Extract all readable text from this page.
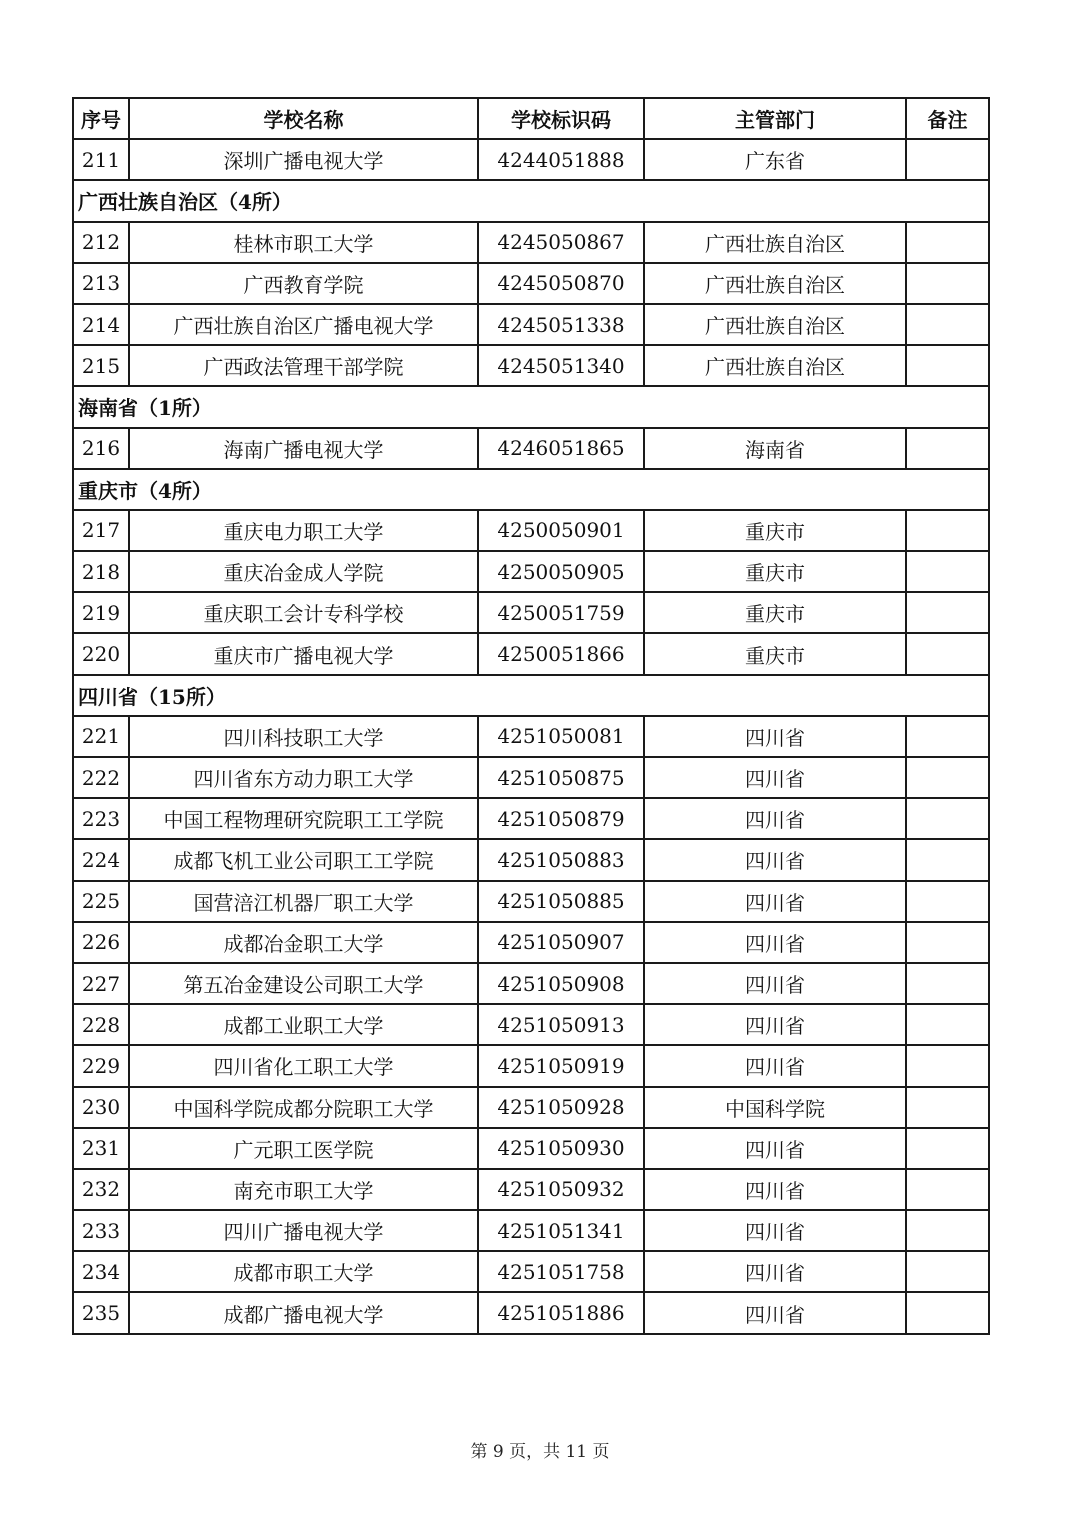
序号	学校名称	学校标识码	主管部门	备注
211	深圳广播电视大学	4244051888	广东省	
广西壮族自治区（4所）				
212	桂林市职工大学	4245050867	广西壮族自治区	
213	广西教育学院	4245050870	广西壮族自治区	
214	广西壮族自治区广播电视大学	4245051338	广西壮族自治区	
215	广西政法管理干部学院	4245051340	广西壮族自治区	
海南省（1所）				
216	海南广播电视大学	4246051865	海南省	
重庆市（4所）				
217	重庆电力职工大学	4250050901	重庆市	
218	重庆冶金成人学院	4250050905	重庆市	
219	重庆职工会计专科学校	4250051759	重庆市	
220	重庆市广播电视大学	4250051866	重庆市	
四川省（15所）				
221	四川科技职工大学	4251050081	四川省	
222	四川省东方动力职工大学	4251050875	四川省	
223	中国工程物理研究院职工工学院	4251050879	四川省	
224	成都飞机工业公司职工工学院	4251050883	四川省	
225	国营涪江机器厂职工大学	4251050885	四川省	
226	成都冶金职工大学	4251050907	四川省	
227	第五冶金建设公司职工大学	4251050908	四川省	
228	成都工业职工大学	4251050913	四川省	
229	四川省化工职工大学	4251050919	四川省	
230	中国科学院成都分院职工大学	4251050928	中国科学院	
231	广元职工医学院	4251050930	四川省	
232	南充市职工大学	4251050932	四川省	
233	四川广播电视大学	4251051341	四川省	
234	成都市职工大学	4251051758	四川省	
235	成都广播电视大学	4251051886	四川省	
第 9 页，共 11 页
